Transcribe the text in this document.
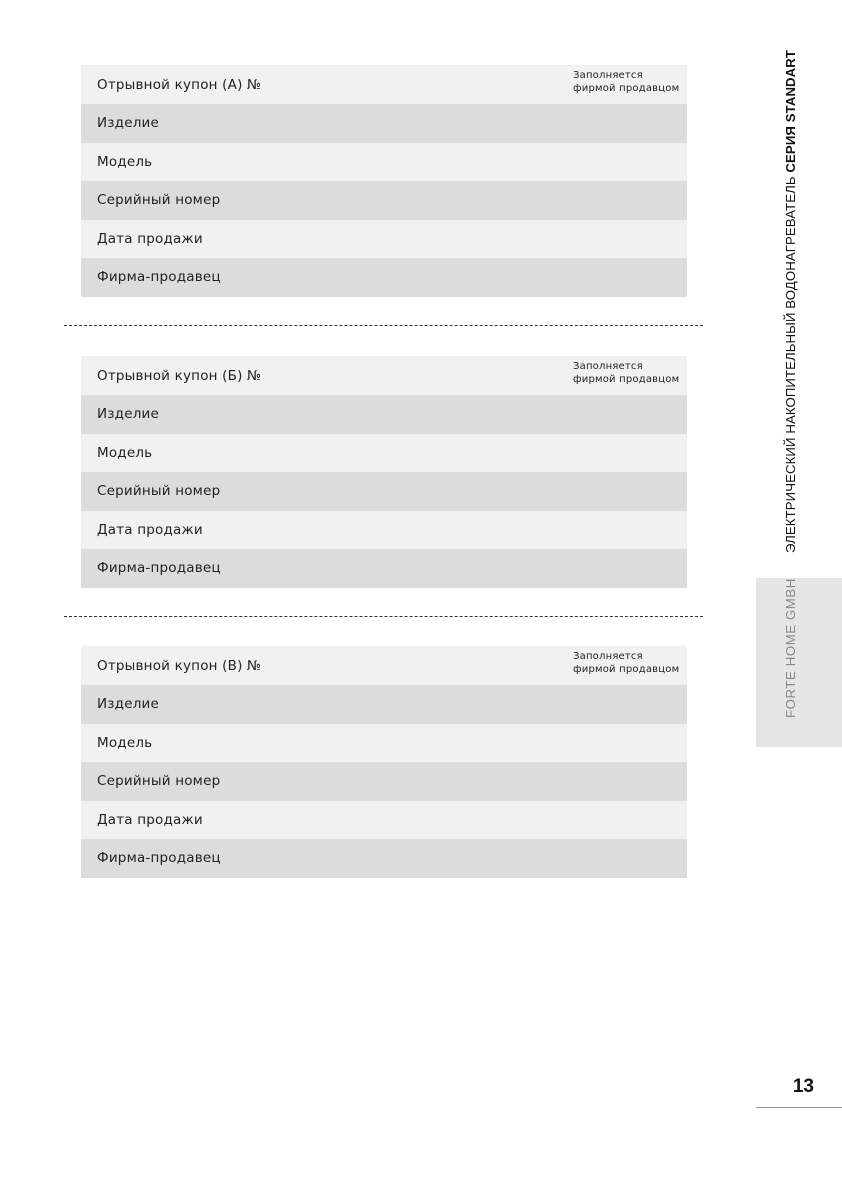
Отрывной купон (А) №
Заполняется
фирмой продавцом
Изделие
Модель
Серийный номер
Дата продажи
Фирма-продавец
Отрывной купон (Б) №
Заполняется
фирмой продавцом
Изделие
Модель
Серийный номер
Дата продажи
Фирма-продавец
Отрывной купон (В) №
Заполняется
фирмой продавцом
Изделие
Модель
Серийный номер
Дата продажи
Фирма-продавец
ЭЛЕКТРИЧЕСКИЙ НАКОПИТЕЛЬНЫЙ ВОДОНАГРЕВАТЕЛЬ СЕРИЯ STANDART
FORTE HOME GMBH
13
